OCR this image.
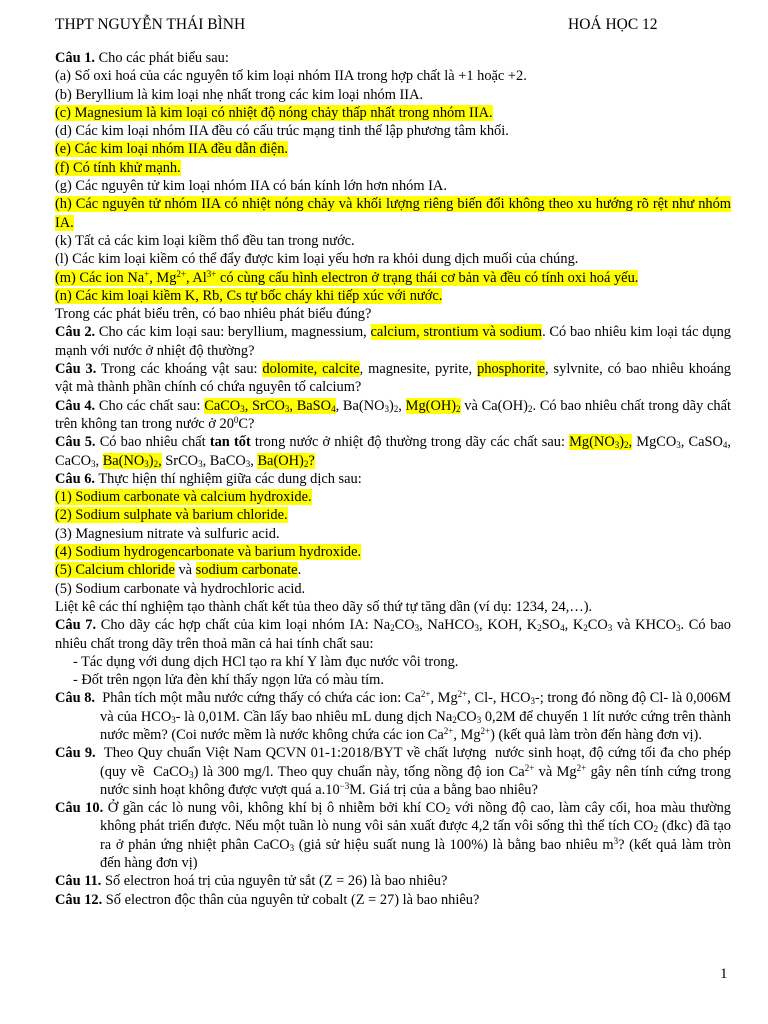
THPT NGUYỄN THÁI BÌNH	HOÁ HỌC 12

Câu 1. Cho các phát biểu sau:

(a) Số oxi hoá của các nguyên tố kim loại nhóm IIA trong hợp chất là +1 hoặc +2.

(b) Beryllium là kim loại nhẹ nhất trong các kim loại nhóm IIA.

(c) Magnesium là kim loại có nhiệt độ nóng chảy thấp nhất trong nhóm IIA.

(d) Các kim loại nhóm IIA đều có cấu trúc mạng tinh thể lập phương tâm khối.

(e) Các kim loại nhóm IIA đều dẫn điện.

(f) Có tính khử mạnh.

(g) Các nguyên tử kim loại nhóm IIA có bán kính lớn hơn nhóm IA.

(h) Các nguyên tử nhóm IIA có nhiệt nóng chảy và khối lượng riêng biến đổi không theo xu hướng rõ rệt như nhóm IA.

(k) Tất cả các kim loại kiềm thổ đều tan trong nước.

(l) Các kim loại kiềm có thể đẩy được kim loại yếu hơn ra khỏi dung dịch muối của chúng.

(m) Các ion Na+, $Mg^{2+}$, $Al^{3+}$ có cùng cấu hình electron ở trạng thái cơ bản và đều có tính oxi hoá yếu.

(n) Các kim loại kiềm K, Rb, Cs tự bốc cháy khi tiếp xúc với nước.

Trong các phát biểu trên, có bao nhiêu phát biểu đúng?

Câu 2. Cho các kim loại sau: beryllium, magnessium, calcium, strontium và sodium. Có bao nhiêu kim loại tác dụng mạnh với nước ở nhiệt độ thường?

Câu 3. Trong các khoáng vật sau: dolomite, calcite, magnesite, pyrite, phosphorite, sylvnite, có bao nhiêu khoáng vật mà thành phần chính có chứa nguyên tố calcium?

Câu 4. Cho các chất sau: CaCO$_3$, SrCO$_3$, BaSO$_4$, $Ba(NO_3)_2$, $Mg(OH)_2$ và $Ca(OH)_2$. Có bao nhiêu chất trong dãy chất trên không tan trong nước ở $20^0C$?

Câu 5. Có bao nhiêu chất tan tốt trong nước ở nhiệt độ thường trong dãy các chất sau: $Mg(NO_3)_2$, MgCO$_3$, CaSO$_4$, CaCO$_3$, $Ba(NO_3)_2$, SrCO$_3$, BaCO$_3$, $Ba(OH)_2$?

Câu 6. Thực hiện thí nghiệm giữa các dung dịch sau:

(1) Sodium carbonate và calcium hydroxide.

(2) Sodium sulphate và barium chloride.

(3) Magnesium nitrate và sulfuric acid.

(4) Sodium hydrogencarbonate và barium hydroxide.

(5) Calcium chloride và sodium carbonate.

(5) Sodium carbonate và hydrochloric acid.

Liệt kê các thí nghiệm tạo thành chất kết tủa theo dãy số thứ tự tăng dần (ví dụ: 1234, 24,…).

Câu 7. Cho dãy các hợp chất của kim loại nhóm IA: $Na_2CO_3$, NaHCO$_3$, KOH, $K_2SO_4$, $K_2CO_3$ và $KHCO_3$. Có bao nhiêu chất trong dãy trên thoả mãn cả hai tính chất sau:

- Tác dụng với dung dịch HCl tạo ra khí Y làm đục nước vôi trong.

- Đốt trên ngọn lửa đèn khí thấy ngọn lửa có màu tím.

Câu 8.  Phân tích một mẫu nước cứng thấy có chứa các ion: $Ca^{2+}$, $Mg^{2+}$, Cl-, $HCO_3-$; trong đó nồng độ Cl- là 0,006M và của $HCO_3-$ là 0,01M. Cần lấy bao nhiêu mL dung dịch $Na_2CO_3$ 0,2M để chuyển 1 lít nước cứng trên thành nước mềm? (Coi nước mềm là nước không chứa các ion $Ca^{2+}$, $Mg^{2+}$) (kết quả làm tròn đến hàng đơn vị).

Câu 9.  Theo Quy chuẩn Việt Nam QCVN 01-1:2018/BYT về chất lượng  nước sinh hoạt, độ cứng tối đa cho phép (quy về  CaCO$_3$) là 300 mg/l. Theo quy chuẩn này, tổng nồng độ ion $Ca^{2+}$ và $Mg^{2+}$ gây nên tính cứng trong nước sinh hoạt không được vượt quá $a.10^{-3}M$. Giá trị của a bằng bao nhiêu?

Câu 10. Ở gần các lò nung vôi, không khí bị ô nhiễm bởi khí $CO_2$ với nồng độ cao, làm cây cối, hoa màu thường không phát triển được. Nếu một tuần lò nung vôi sản xuất được 4,2 tấn vôi sống thì thể tích $CO_2$ (đkc) đã tạo ra ở phản ứng nhiệt phân CaCO$_3$ (giả sử hiệu suất nung là 100%) là bằng bao nhiêu $m^3$? (kết quả làm tròn đến hàng đơn vị)

Câu 11. Số electron hoá trị của nguyên tử sắt (Z = 26) là bao nhiêu?

Câu 12. Số electron độc thân của nguyên tử cobalt (Z = 27) là bao nhiêu?

1
